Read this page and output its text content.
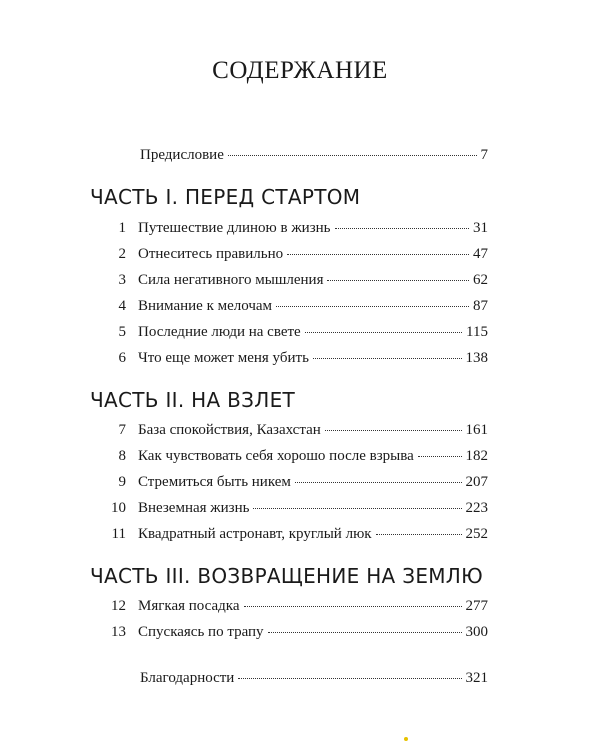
СОДЕРЖАНИЕ
Предисловие	7
ЧАСТЬ I. ПЕРЕД СТАРТОМ
1 Путешествие длиною в жизнь	31
2 Отнеситесь правильно	47
3 Сила негативного мышления	62
4 Внимание к мелочам	87
5 Последние люди на свете	115
6 Что еще может меня убить	138
ЧАСТЬ II. НА ВЗЛЕТ
7 База спокойствия, Казахстан	161
8 Как чувствовать себя хорошо после взрыва	182
9 Стремиться быть никем	207
10 Внеземная жизнь	223
11 Квадратный астронавт, круглый люк	252
ЧАСТЬ III. ВОЗВРАЩЕНИЕ НА ЗЕМЛЮ
12 Мягкая посадка	277
13 Спускаясь по трапу	300
Благодарности	321
